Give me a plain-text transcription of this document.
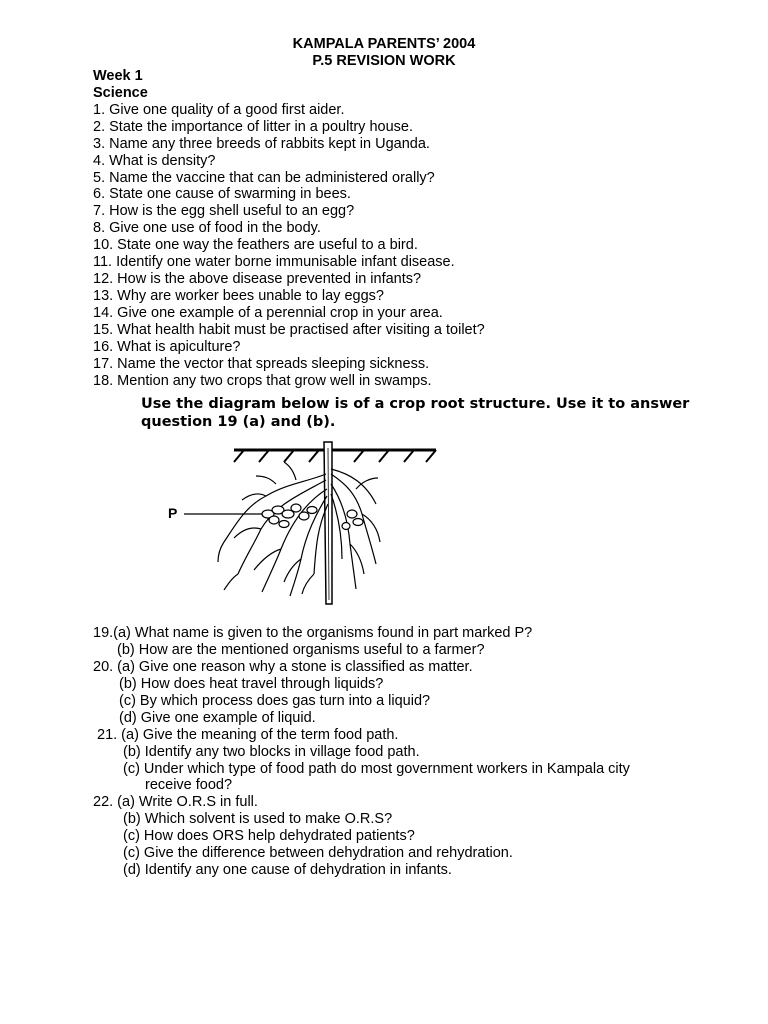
KAMPALA PARENTS’ 2004
P.5 REVISION WORK
Week 1
Science
1. Give one quality of a good first aider.
2. State the importance of litter in a poultry house.
3. Name any three breeds of rabbits kept in Uganda.
4. What is density?
5. Name the vaccine that can be administered orally?
6. State one cause of swarming in bees.
7. How is the egg shell useful to an egg?
8. Give one use of food in the body.
10. State one way the feathers are useful to a bird.
11. Identify one water borne immunisable infant disease.
12. How is the above disease prevented in infants?
13. Why are worker bees unable to lay eggs?
14. Give one example of a perennial crop in your area.
15. What health habit must be practised after visiting a toilet?
16. What is apiculture?
17. Name the vector that spreads sleeping sickness.
18. Mention any two crops that grow well in swamps.
Use the diagram below is of a crop root structure. Use it to answer
question 19 (a) and (b).
P
19.(a) What name is given to the organisms found in part marked P?
(b) How are the mentioned organisms useful to a farmer?
20. (a) Give one reason why a stone is classified as matter.
(b) How does heat travel through liquids?
(c) By which process does gas turn into a liquid?
(d) Give one example of liquid.
21. (a) Give the meaning of the term food path.
(b) Identify any two blocks in village food path.
(c) Under which type of food path do most government workers in Kampala city
receive food?
22. (a) Write O.R.S in full.
(b) Which solvent is used to make O.R.S?
(c) How does ORS help dehydrated patients?
(c) Give the difference between dehydration and rehydration.
(d) Identify any one cause of dehydration in infants.
